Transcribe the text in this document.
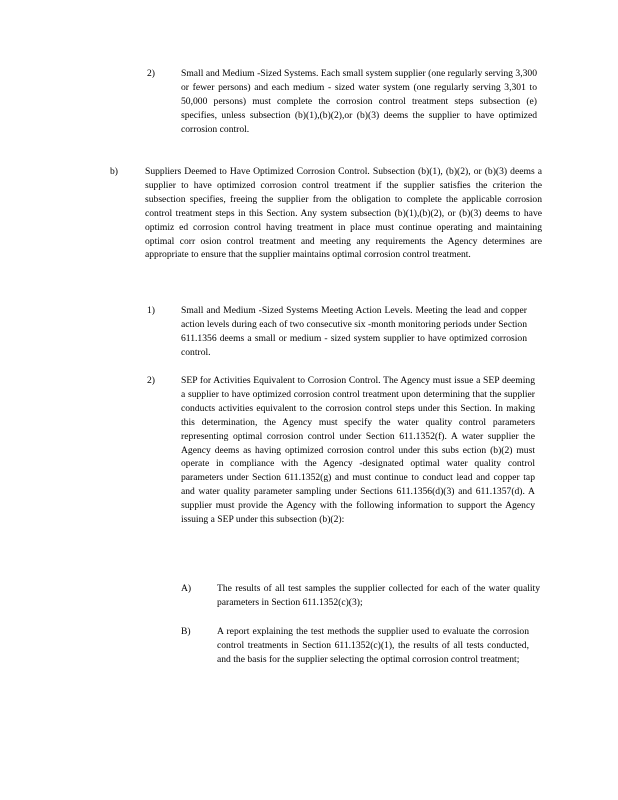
2)	Small and Medium -Sized Systems. Each small system supplier (one regularly serving 3,300 or fewer persons) and each medium - sized water system (one regularly serving 3,301 to 50,000 persons) must complete the corrosion control treatment steps subsection (e) specifies, unless subsection (b)(1),(b)(2),or (b)(3) deems the supplier to have optimized corrosion control.
b)	Suppliers Deemed to Have Optimized Corrosion Control. Subsection (b)(1), (b)(2), or (b)(3) deems a supplier to have optimized corrosion control treatment if the supplier satisfies the criterion the subsection specifies, freeing the supplier from the obligation to complete the applicable corrosion control treatment steps in this Section. Any system subsection (b)(1),(b)(2), or (b)(3) deems to have optimiz ed corrosion control having treatment in place must continue operating and maintaining optimal corr osion control treatment and meeting any requirements the Agency determines are appropriate to ensure that the supplier maintains optimal corrosion control treatment.
1)	Small and Medium -Sized Systems Meeting Action Levels. Meeting the lead and copper action levels during each of two consecutive six -month monitoring periods under Section 611.1356 deems a small or medium - sized system supplier to have optimized corrosion control.
2)	SEP for Activities Equivalent to Corrosion Control. The Agency must issue a SEP deeming a supplier to have optimized corrosion control treatment upon determining that the supplier conducts activities equivalent to the corrosion control steps under this Section. In making this determination, the Agency must specify the water quality control parameters representing optimal corrosion control under Section 611.1352(f). A water supplier the Agency deems as having optimized corrosion control under this subs ection (b)(2) must operate in compliance with the Agency -designated optimal water quality control parameters under Section 611.1352(g) and must continue to conduct lead and copper tap and water quality parameter sampling under Sections 611.1356(d)(3) and 611.1357(d). A supplier must provide the Agency with the following information to support the Agency issuing a SEP under this subsection (b)(2):
A)	The results of all test samples the supplier collected for each of the water quality parameters in Section 611.1352(c)(3);
B)	A report explaining the test methods the supplier used to evaluate the corrosion control treatments in Section 611.1352(c)(1), the results of all tests conducted, and the basis for the supplier selecting the optimal corrosion control treatment;
